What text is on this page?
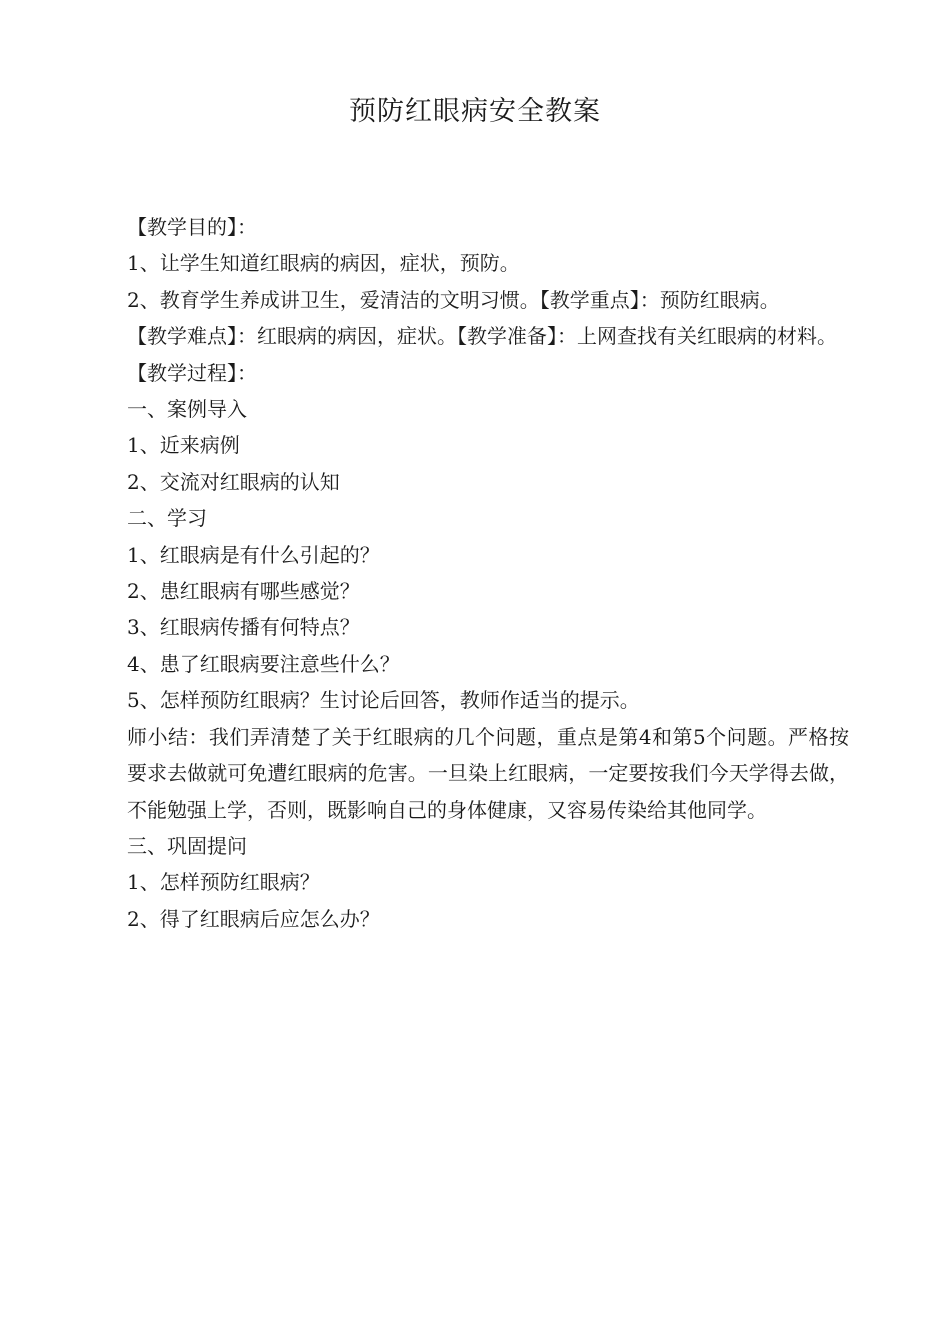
预防红眼病安全教案

【教学目的】：

1、让学生知道红眼病的病因，症状，预防。

2、教育学生养成讲卫生，爱清洁的文明习惯。【教学重点】：预防红眼病。

【教学难点】：红眼病的病因，症状。【教学准备】：上网查找有关红眼病的材料。

【教学过程】：

一、案例导入

1、近来病例

2、交流对红眼病的认知

二、学习

1、红眼病是有什么引起的？

2、患红眼病有哪些感觉？

3、红眼病传播有何特点？

4、患了红眼病要注意些什么？

5、怎样预防红眼病？生讨论后回答，教师作适当的提示。

师小结：我们弄清楚了关于红眼病的几个问题，重点是第4和第5个问题。严格按要求去做就可免遭红眼病的危害。一旦染上红眼病，一定要按我们今天学得去做，不能勉强上学，否则，既影响自己的身体健康，又容易传染给其他同学。

三、巩固提问

1、怎样预防红眼病？

2、得了红眼病后应怎么办？
